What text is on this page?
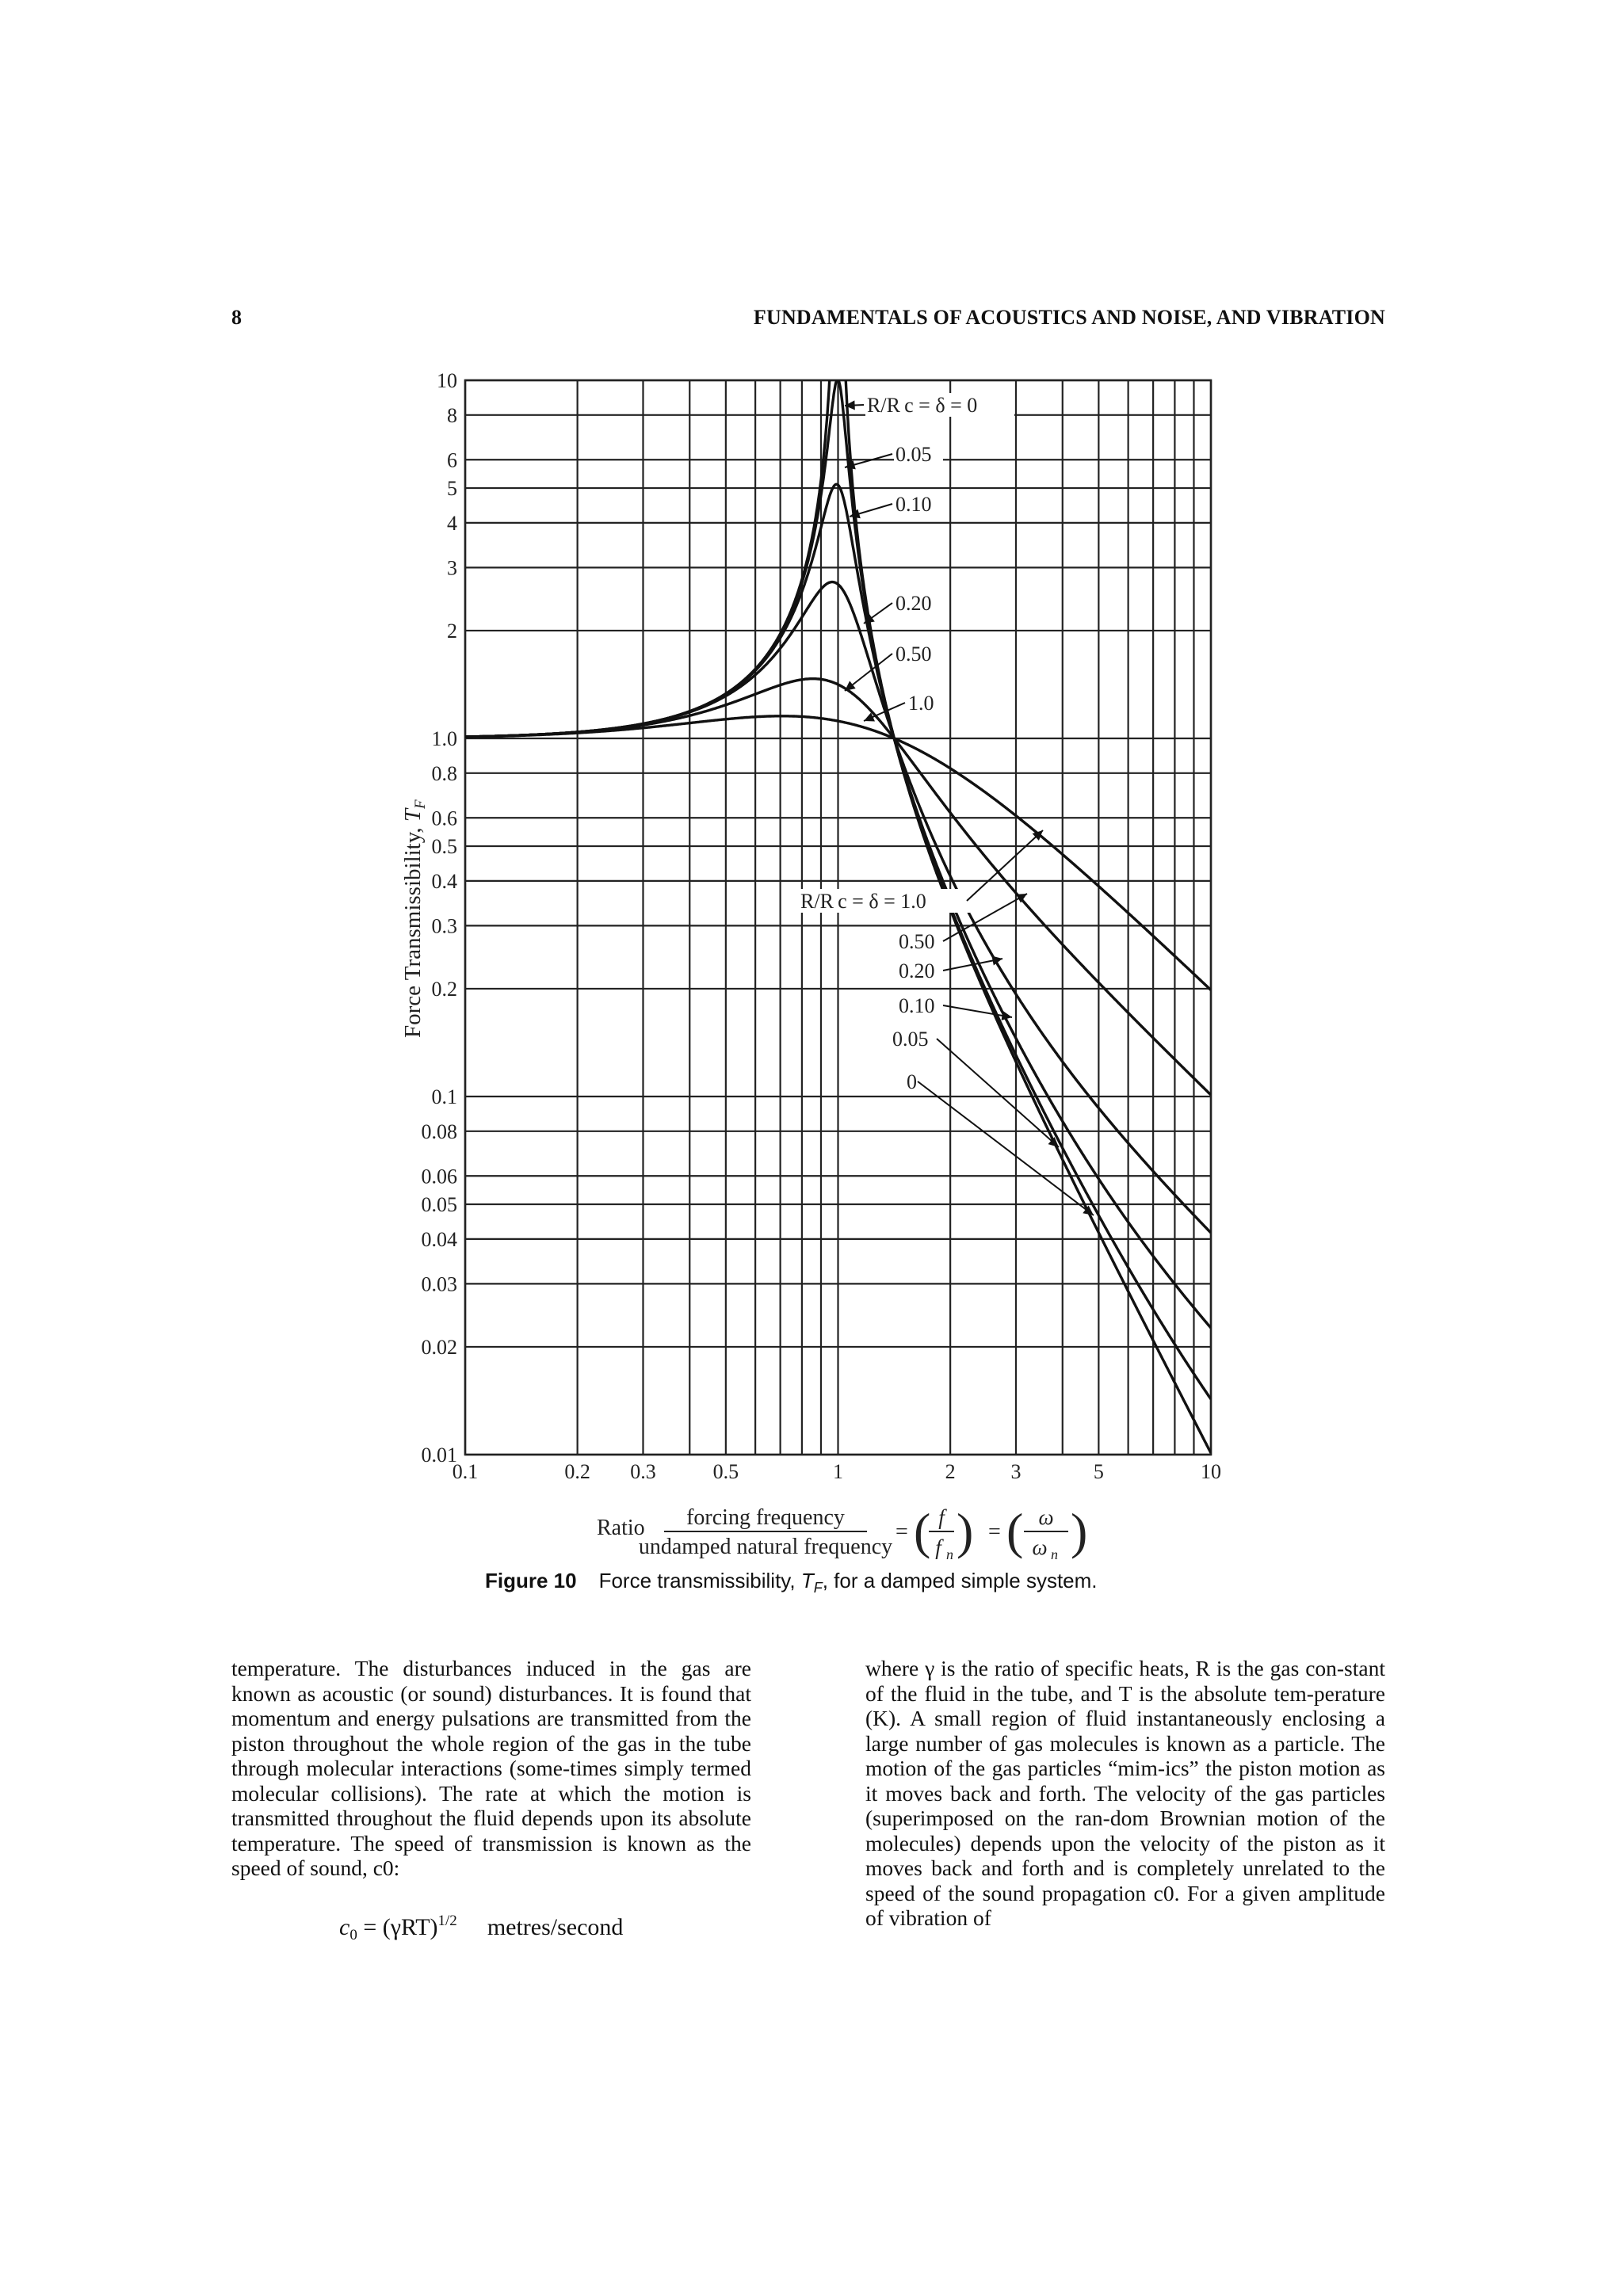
8	FUNDAMENTALS OF ACOUSTICS AND NOISE, AND VIBRATION
0.1	0.2 0.3	0.5	1	2	3	5	10
0.01
0.02
0.03
0.04
0.05
0.06
0.08
0.1
0.2
0.3
0.4
0.5
0.6
0.8
1.0
2
3
4
5
6
8
10
R/R c = δ = 0
0.05
0.10
0.20
0.50
1.0
R/R c = δ = 1.0
0.50
0.20
0.10
0.05
0
Force Transmissibility, $T_F$
Ratio forcing frequency
undamped natural frequency
= ( f
f n ) = ( ω
ω n )
Figure 10 Force transmissibility, $T_F$, for a damped simple system.

temperature. The disturbances induced in the gas are known as acoustic (or sound) disturbances. It is found that momentum and energy pulsations are transmitted from the piston throughout the whole region of the gas in the tube through molecular interactions (some-times simply termed molecular collisions). The rate at which the motion is transmitted throughout the fluid depends upon its absolute temperature. The speed of transmission is known as the speed of sound, c0:

$c_0 = (\gamma RT)^{1/2}$ metres/second

where γ is the ratio of specific heats, R is the gas con-stant of the fluid in the tube, and T is the absolute tem-perature (K). A small region of fluid instantaneously enclosing a large number of gas molecules is known as a particle. The motion of the gas particles “mim-ics” the piston motion as it moves back and forth. The velocity of the gas particles (superimposed on the ran-dom Brownian motion of the molecules) depends upon the velocity of the piston as it moves back and forth and is completely unrelated to the speed of the sound propagation c0. For a given amplitude of vibration of
